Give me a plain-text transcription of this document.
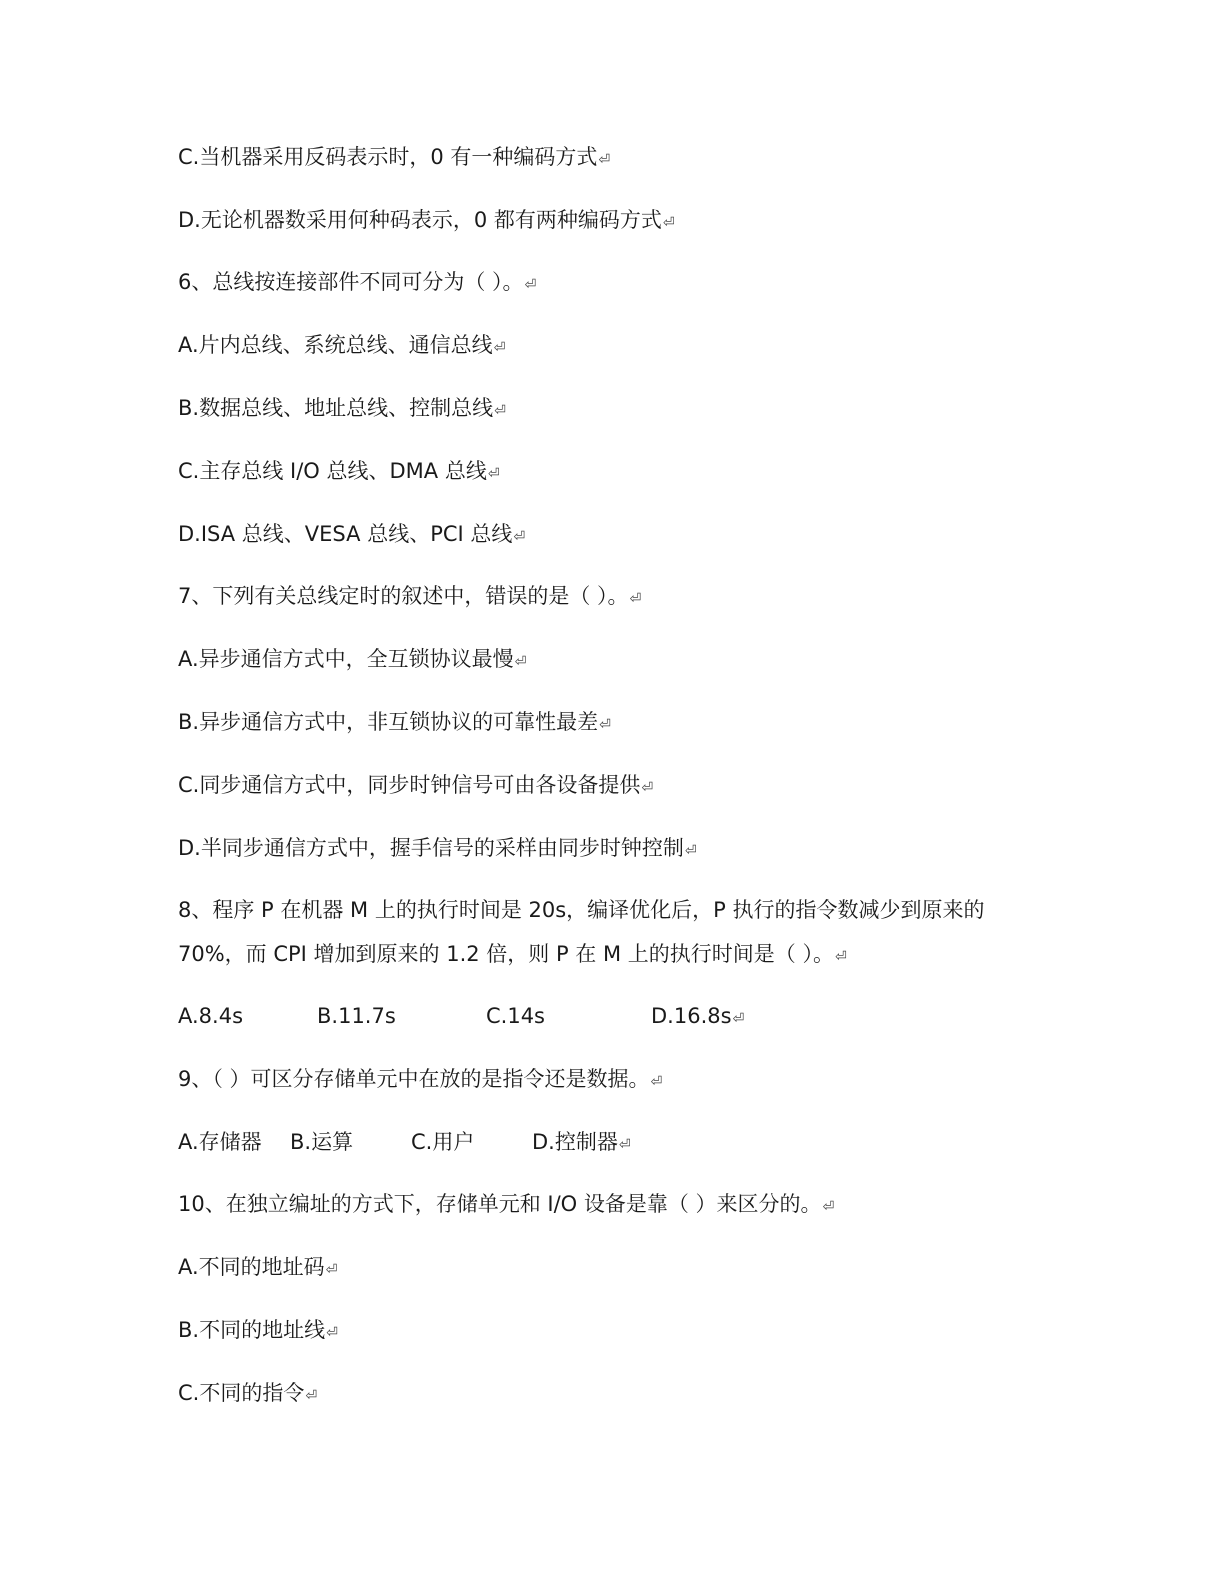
C.当机器采用反码表示时，0 有一种编码方式⏎

D.无论机器数采用何种码表示，0 都有两种编码方式⏎

6、总线按连接部件不同可分为（ ）。⏎

A.片内总线、系统总线、通信总线⏎

B.数据总线、地址总线、控制总线⏎

C.主存总线 I/O 总线、DMA 总线⏎

D.ISA 总线、VESA 总线、PCI 总线⏎

7、下列有关总线定时的叙述中，错误的是（ ）。⏎

A.异步通信方式中，全互锁协议最慢⏎

B.异步通信方式中，非互锁协议的可靠性最差⏎

C.同步通信方式中，同步时钟信号可由各设备提供⏎

D.半同步通信方式中，握手信号的采样由同步时钟控制⏎

8、程序 P 在机器 M 上的执行时间是 20s，编译优化后，P 执行的指令数减少到原来的

70%，而 CPI 增加到原来的 1.2 倍，则 P 在 M 上的执行时间是（ ）。⏎

A.8.4s	B.11.7s	C.14s	D.16.8s⏎

9、（ ）可区分存储单元中在放的是指令还是数据。⏎

A.存储器 B.运算	C.用户	D.控制器⏎

10、在独立编址的方式下，存储单元和 I/O 设备是靠（ ）来区分的。⏎

A.不同的地址码⏎

B.不同的地址线⏎

C.不同的指令⏎
